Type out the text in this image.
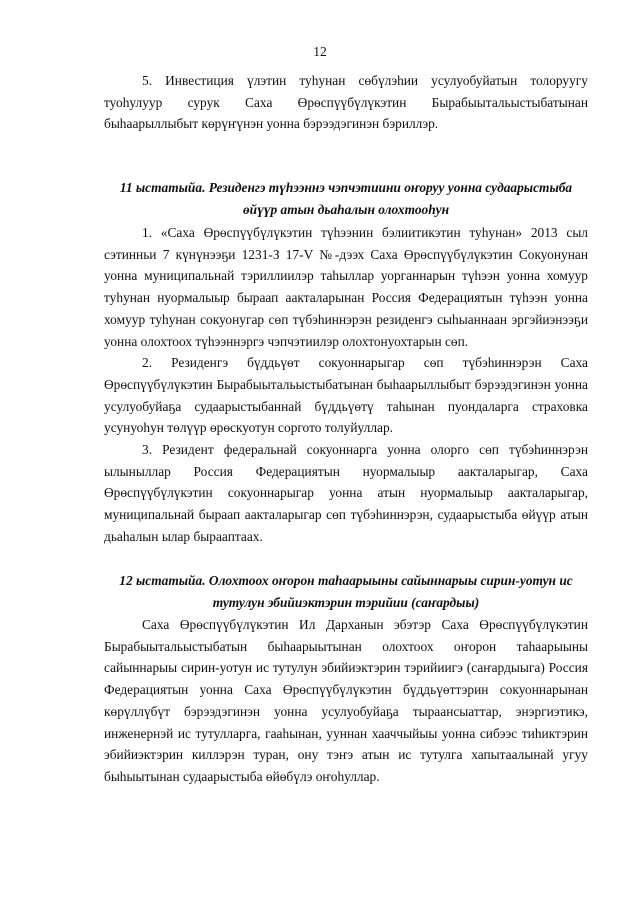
12

5. Инвестиция үлэтин туһунан сөбүлэһии усулуобуйатын толоруугу туоһулуур сурук Саха Өрөспүүбүлүкэтин Бырабыытальыстыбатынан быһаарыллыбыт көрүҥүнэн уонна бэрээдэгинэн бэриллэр.

11 ыстатыйа. Резиденгэ түһээннэ чэпчэтиини оҥоруу уонна судаарыстыба
өйүүр атын дьаһалын олохтооһун

1. «Саха Өрөспүүбүлүкэтин түһээнин бэлиитикэтин туһунан» 2013 сыл сэтинньи 7 күнүнээҕи 1231-З 17-V №-дээх Саха Өрөспүүбүлүкэтин Сокуонунан уонна муниципальнай тэриллиилэр таһыллар уорганнарын түһээн уонна хомуур туһунан нуормалыыр быраап аакталарынан Россия Федерациятын түһээн уонна хомуур туһунан сокуонугар сөп түбэһиннэрэн резиденгэ сыһыаннаан эргэйиэнээҕи уонна олохтоох түһээннэргэ чэпчэтиилэр олохтонуохтарын сөп.

2. Резиденгэ бүддьүөт сокуоннарыгар сөп түбэһиннэрэн Саха Өрөспүүбүлүкэтин Бырабыытальыстыбатынан быһаарыллыбыт бэрээдэгинэн уонна усулуобуйаҕа судаарыстыбаннай бүддьүөтү таһынан пуондаларга страховка усунуоһун төлүүр өрөскуотун соргото толуйуллар.

3. Резидент федеральнай сокуоннарга уонна олорго сөп түбэһиннэрэн ылыныллар Россия Федерациятын нуормалыыр аакталарыгар, Саха Өрөспүүбүлүкэтин сокуоннарыгар уонна атын нуормалыыр аакталарыгар, муниципальнай быраап аакталарыгар сөп түбэһиннэрэн, судаарыстыба өйүүр атын дьаһалын ылар бырааптаах.

12 ыстатыйа. Олохтоох оҥорон таһаарыыны сайыннарыы сирин-уотун ис
тутулун эбийиэктэрин тэрийии (саҥардыы)

Саха Өрөспүүбүлүкэтин Ил Дарханын эбэтэр Саха Өрөспүүбүлүкэтин Бырабыытальыстыбатын быһаарыытынан олохтоох оҥорон таһаарыыны сайыннарыы сирин-уотун ис тутулун эбийиэктэрин тэрийиигэ (саҥардыыга) Россия Федерациятын уонна Саха Өрөспүүбүлүкэтин бүддьүөттэрин сокуоннарынан көрүллүбүт бэрээдэгинэн уонна усулуобуйаҕа тыраансыаттар, энэргиэтикэ, инженернэй ис тутулларга, гааһынан, ууннан хааччыйыы уонна сибээс тиһиктэрин эбийиэктэрин киллэрэн туран, ону тэҥэ атын ис тутулга хапытаалынай угуу быһыытынан судаарыстыба өйөбүлэ оҥоһуллар.
